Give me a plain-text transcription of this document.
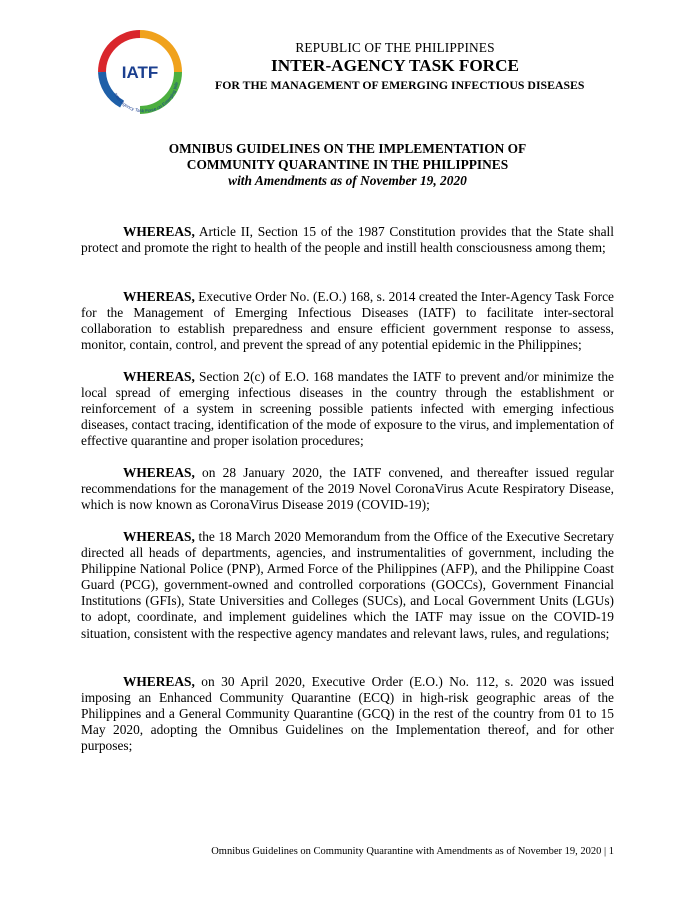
IATF
Inter-Agency Task Force on Emerging Infe
REPUBLIC OF THE PHILIPPINES
INTER-AGENCY TASK FORCE
FOR THE MANAGEMENT OF EMERGING INFECTIOUS DISEASES
OMNIBUS GUIDELINES ON THE IMPLEMENTATION OF
COMMUNITY QUARANTINE IN THE PHILIPPINES
with Amendments as of November 19, 2020

WHEREAS, Article II, Section 15 of the 1987 Constitution provides that the State shall protect and promote the right to health of the people and instill health consciousness among them;

WHEREAS, Executive Order No. (E.O.) 168, s. 2014 created the Inter-Agency Task Force for the Management of Emerging Infectious Diseases (IATF) to facilitate inter-sectoral collaboration to establish preparedness and ensure efficient government response to assess, monitor, contain, control, and prevent the spread of any potential epidemic in the Philippines;

WHEREAS, Section 2(c) of E.O. 168 mandates the IATF to prevent and/or minimize the local spread of emerging infectious diseases in the country through the establishment or reinforcement of a system in screening possible patients infected with emerging infectious diseases, contact tracing, identification of the mode of exposure to the virus, and implementation of effective quarantine and proper isolation procedures;

WHEREAS, on 28 January 2020, the IATF convened, and thereafter issued regular recommendations for the management of the 2019 Novel CoronaVirus Acute Respiratory Disease, which is now known as CoronaVirus Disease 2019 (COVID-19);

WHEREAS, the 18 March 2020 Memorandum from the Office of the Executive Secretary directed all heads of departments, agencies, and instrumentalities of government, including the Philippine National Police (PNP), Armed Force of the Philippines (AFP), and the Philippine Coast Guard (PCG), government-owned and controlled corporations (GOCCs), Government Financial Institutions (GFIs), State Universities and Colleges (SUCs), and Local Government Units (LGUs) to adopt, coordinate, and implement guidelines which the IATF may issue on the COVID-19 situation, consistent with the respective agency mandates and relevant laws, rules, and regulations;

WHEREAS, on 30 April 2020, Executive Order (E.O.) No. 112, s. 2020 was issued imposing an Enhanced Community Quarantine (ECQ) in high-risk geographic areas of the Philippines and a General Community Quarantine (GCQ) in the rest of the country from 01 to 15 May 2020, adopting the Omnibus Guidelines on the Implementation thereof, and for other purposes;

Omnibus Guidelines on Community Quarantine with Amendments as of November 19, 2020 | 1
